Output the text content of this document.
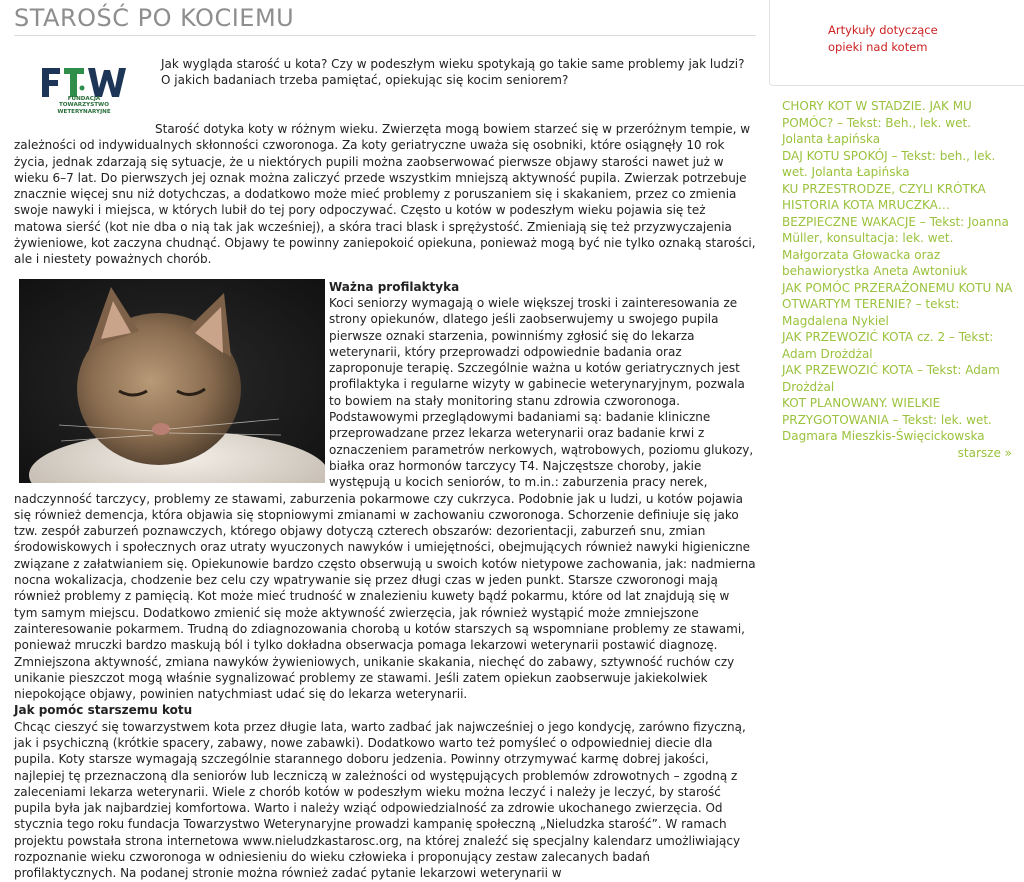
STAROŚĆ PO KOCIEMU
FUNDACJA TOWARZYSTWO
WETERYNARYJNE

Jak wygląda starość u kota? Czy w podeszłym wieku spotykają go takie same problemy jak ludzi? O jakich badaniach trzeba pamiętać, opiekując się kocim seniorem?

Starość dotyka koty w różnym wieku. Zwierzęta mogą bowiem starzeć się w przeróżnym tempie, w zależności od indywidualnych skłonności czworonoga. Za koty geriatryczne uważa się osobniki, które osiągnęły 10 rok życia, jednak zdarzają się sytuacje, że u niektórych pupili można zaobserwować pierwsze objawy starości nawet już w wieku 6–7 lat. Do pierwszych jej oznak można zaliczyć przede wszystkim mniejszą aktywność pupila. Zwierzak potrzebuje znacznie więcej snu niż dotychczas, a dodatkowo może mieć problemy z poruszaniem się i skakaniem, przez co zmienia swoje nawyki i miejsca, w których lubił do tej pory odpoczywać. Często u kotów w podeszłym wieku pojawia się też matowa sierść (kot nie dba o nią tak jak wcześniej), a skóra traci blask i sprężystość. Zmieniają się też przyzwyczajenia żywieniowe, kot zaczyna chudnąć. Objawy te powinny zaniepokoić opiekuna, ponieważ mogą być nie tylko oznaką starości, ale i niestety poważnych chorób.

Ważna profilaktyka

Koci seniorzy wymagają o wiele większej troski i zainteresowania ze strony opiekunów, dlatego jeśli zaobserwujemy u swojego pupila pierwsze oznaki starzenia, powinniśmy zgłosić się do lekarza weterynarii, który przeprowadzi odpowiednie badania oraz zaproponuje terapię. Szczególnie ważna u kotów geriatrycznych jest profilaktyka i regularne wizyty w gabinecie weterynaryjnym, pozwala to bowiem na stały monitoring stanu zdrowia czworonoga. Podstawowymi przeglądowymi badaniami są: badanie kliniczne przeprowadzane przez lekarza weterynarii oraz badanie krwi z oznaczeniem parametrów nerkowych, wątrobowych, poziomu glukozy, białka oraz hormonów tarczycy T4. Najczęstsze choroby, jakie występują u kocich seniorów, to m.in.: zaburzenia pracy nerek, nadczynność tarczycy, problemy ze stawami, zaburzenia pokarmowe czy cukrzyca. Podobnie jak u ludzi, u kotów pojawia się również demencja, która objawia się stopniowymi zmianami w zachowaniu czworonoga. Schorzenie definiuje się jako tzw. zespół zaburzeń poznawczych, którego objawy dotyczą czterech obszarów: dezorientacji, zaburzeń snu, zmian środowiskowych i społecznych oraz utraty wyuczonych nawyków i umiejętności, obejmujących również nawyki higieniczne związane z załatwianiem się. Opiekunowie bardzo często obserwują u swoich kotów nietypowe zachowania, jak: nadmierna nocna wokalizacja, chodzenie bez celu czy wpatrywanie się przez długi czas w jeden punkt. Starsze czworonogi mają również problemy z pamięcią. Kot może mieć trudność w znalezieniu kuwety bądź pokarmu, które od lat znajdują się w tym samym miejscu. Dodatkowo zmienić się może aktywność zwierzęcia, jak również wystąpić może zmniejszone zainteresowanie pokarmem. Trudną do zdiagnozowania chorobą u kotów starszych są wspomniane problemy ze stawami, ponieważ mruczki bardzo maskują ból i tylko dokładna obserwacja pomaga lekarzowi weterynarii postawić diagnozę. Zmniejszona aktywność, zmiana nawyków żywieniowych, unikanie skakania, niechęć do zabawy, sztywność ruchów czy unikanie pieszczot mogą właśnie sygnalizować problemy ze stawami. Jeśli zatem opiekun zaobserwuje jakiekolwiek niepokojące objawy, powinien natychmiast udać się do lekarza weterynarii.

Jak pomóc starszemu kotu

Chcąc cieszyć się towarzystwem kota przez długie lata, warto zadbać jak najwcześniej o jego kondycję, zarówno fizyczną, jak i psychiczną (krótkie spacery, zabawy, nowe zabawki). Dodatkowo warto też pomyśleć o odpowiedniej diecie dla pupila. Koty starsze wymagają szczególnie starannego doboru jedzenia. Powinny otrzymywać karmę dobrej jakości, najlepiej tę przeznaczoną dla seniorów lub leczniczą w zależności od występujących problemów zdrowotnych – zgodną z zaleceniami lekarza weterynarii. Wiele z chorób kotów w podeszłym wieku można leczyć i należy je leczyć, by starość pupila była jak najbardziej komfortowa. Warto i należy wziąć odpowiedzialność za zdrowie ukochanego zwierzęcia. Od stycznia tego roku fundacja Towarzystwo Weterynaryjne prowadzi kampanię społeczną „Nieludzka starość”. W ramach projektu powstała strona internetowa www.nieludzkastarosc.org, na której znaleźć się specjalny kalendarz umożliwiający rozpoznanie wieku czworonoga w odniesieniu do wieku człowieka i proponujący zestaw zalecanych badań profilaktycznych. Na podanej stronie można również zadać pytanie lekarzowi weterynarii w

Artykuły dotyczące opieki nad kotem
CHORY KOT W STADZIE. JAK MU POMÓC? – Tekst: Beh., lek. wet. Jolanta Łapińska
DAJ KOTU SPOKÓJ – Tekst: beh., lek. wet. Jolanta Łapińska
KU PRZESTRODZE, CZYLI KRÓTKA HISTORIA KOTA MRUCZKA…
BEZPIECZNE WAKACJE – Tekst: Joanna Müller, konsultacja: lek. wet. Małgorzata Głowacka oraz behawiorystka Aneta Awtoniuk
JAK POMÓC PRZERAŻONEMU KOTU NA OTWARTYM TERENIE? – tekst: Magdalena Nykiel
JAK PRZEWOZIĆ KOTA cz. 2 – Tekst: Adam Drożdżal
JAK PRZEWOZIĆ KOTA – Tekst: Adam Drożdżal
KOT PLANOWANY. WIELKIE PRZYGOTOWANIA – Tekst: lek. wet. Dagmara Mieszkis-Święcickowska
starsze »
